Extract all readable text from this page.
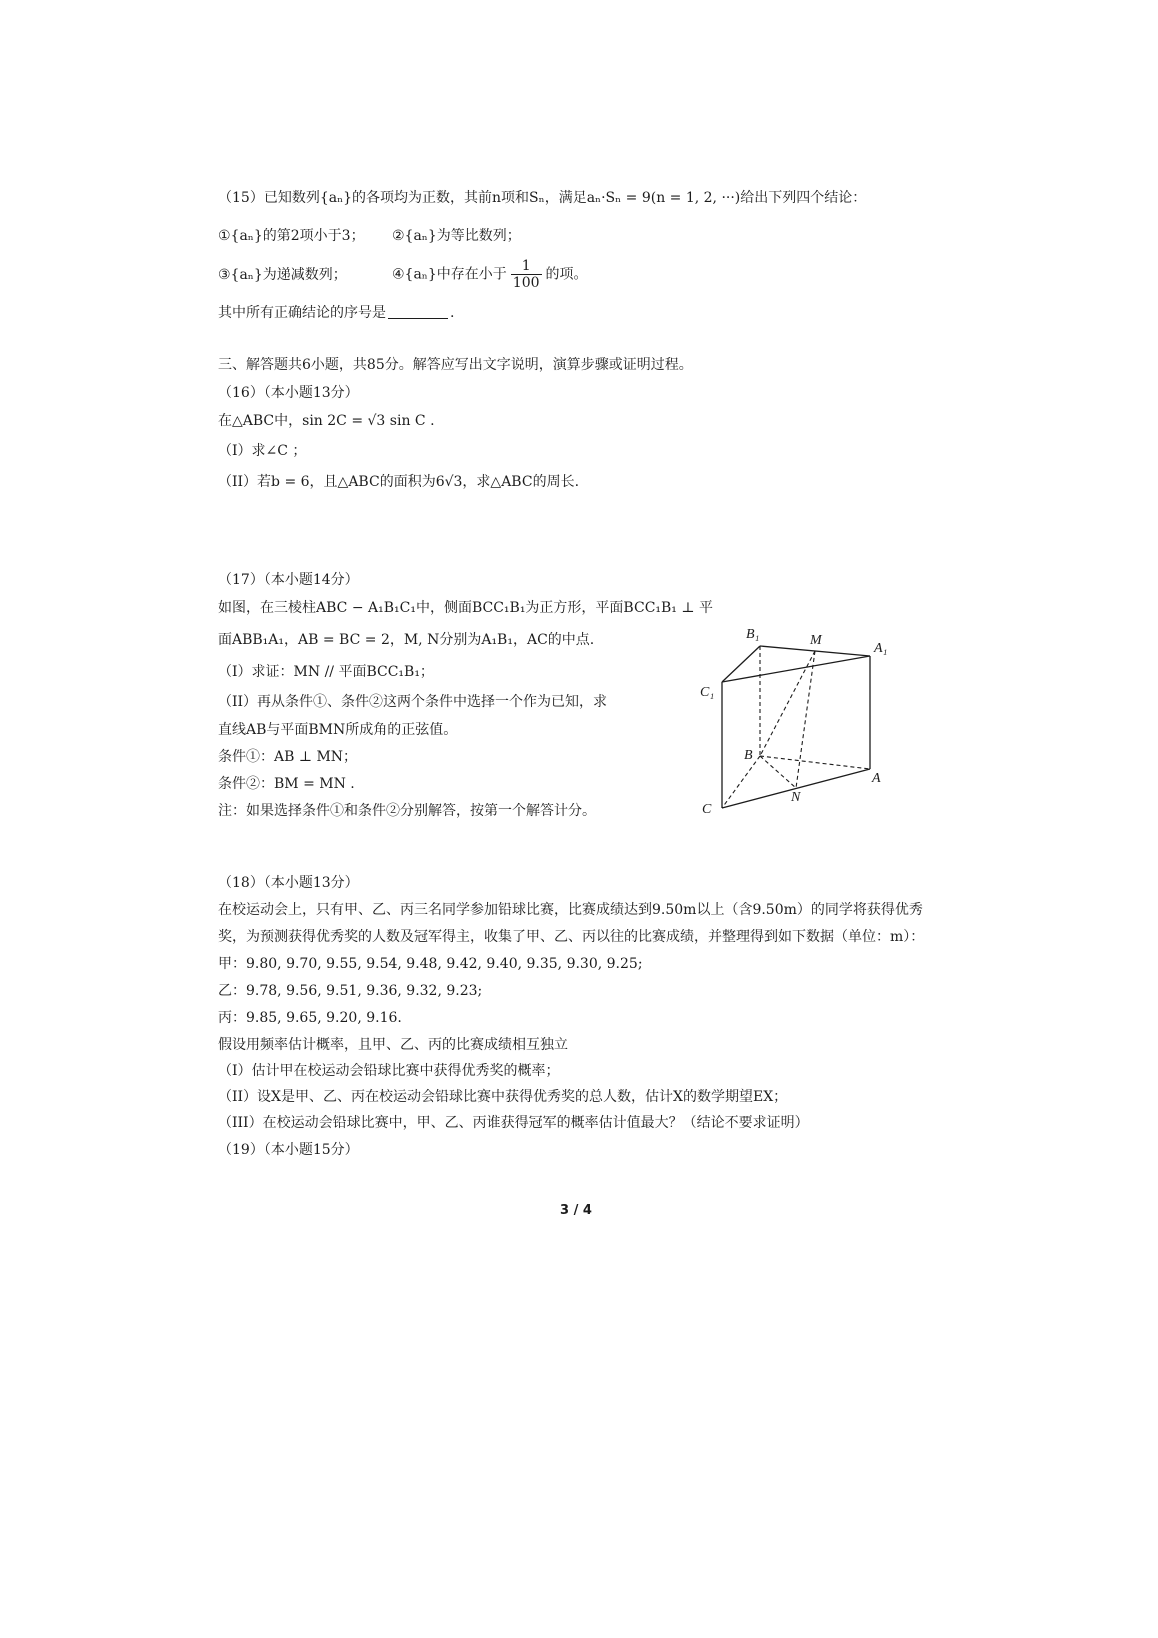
（15）已知数列{aₙ}的各项均为正数，其前n项和Sₙ，满足aₙ·Sₙ = 9(n = 1, 2, ···)给出下列四个结论：
①{aₙ}的第2项小于3； ②{aₙ}为等比数列；
③{aₙ}为递减数列；	④{aₙ}中存在小于 $\frac{1}{100}$ 的项。
其中所有正确结论的序号是	.
三、解答题共6小题，共85分。解答应写出文字说明，演算步骤或证明过程。
（16）（本小题13分）
在△ABC中，sin 2C = √3 sin C .
（I）求∠C ；
（II）若b = 6，且△ABC的面积为6√3，求△ABC的周长.
（17）（本小题14分）
如图，在三棱柱ABC − A₁B₁C₁中，侧面BCC₁B₁为正方形，平面BCC₁B₁ ⊥ 平
面ABB₁A₁，AB = BC = 2，M, N分别为A₁B₁，AC的中点.
（I）求证：MN // 平面BCC₁B₁；
（II）再从条件①、条件②这两个条件中选择一个作为已知，求
直线AB与平面BMN所成角的正弦值。
条件①：AB ⊥ MN；
条件②：BM = MN .
注：如果选择条件①和条件②分别解答，按第一个解答计分。
B₁	M
A₁
C₁
B
A
N
C
（18）（本小题13分）
在校运动会上，只有甲、乙、丙三名同学参加铅球比赛，比赛成绩达到9.50m以上（含9.50m）的同学将获得优秀
奖，为预测获得优秀奖的人数及冠军得主，收集了甲、乙、丙以往的比赛成绩，并整理得到如下数据（单位：m）：
甲：9.80, 9.70, 9.55, 9.54, 9.48, 9.42, 9.40, 9.35, 9.30, 9.25;
乙：9.78, 9.56, 9.51, 9.36, 9.32, 9.23;
丙：9.85, 9.65, 9.20, 9.16.
假设用频率估计概率，且甲、乙、丙的比赛成绩相互独立
（I）估计甲在校运动会铅球比赛中获得优秀奖的概率；
（II）设X是甲、乙、丙在校运动会铅球比赛中获得优秀奖的总人数，估计X的数学期望EX；
（III）在校运动会铅球比赛中，甲、乙、丙谁获得冠军的概率估计值最大？（结论不要求证明）
（19）（本小题15分）
3 / 4
